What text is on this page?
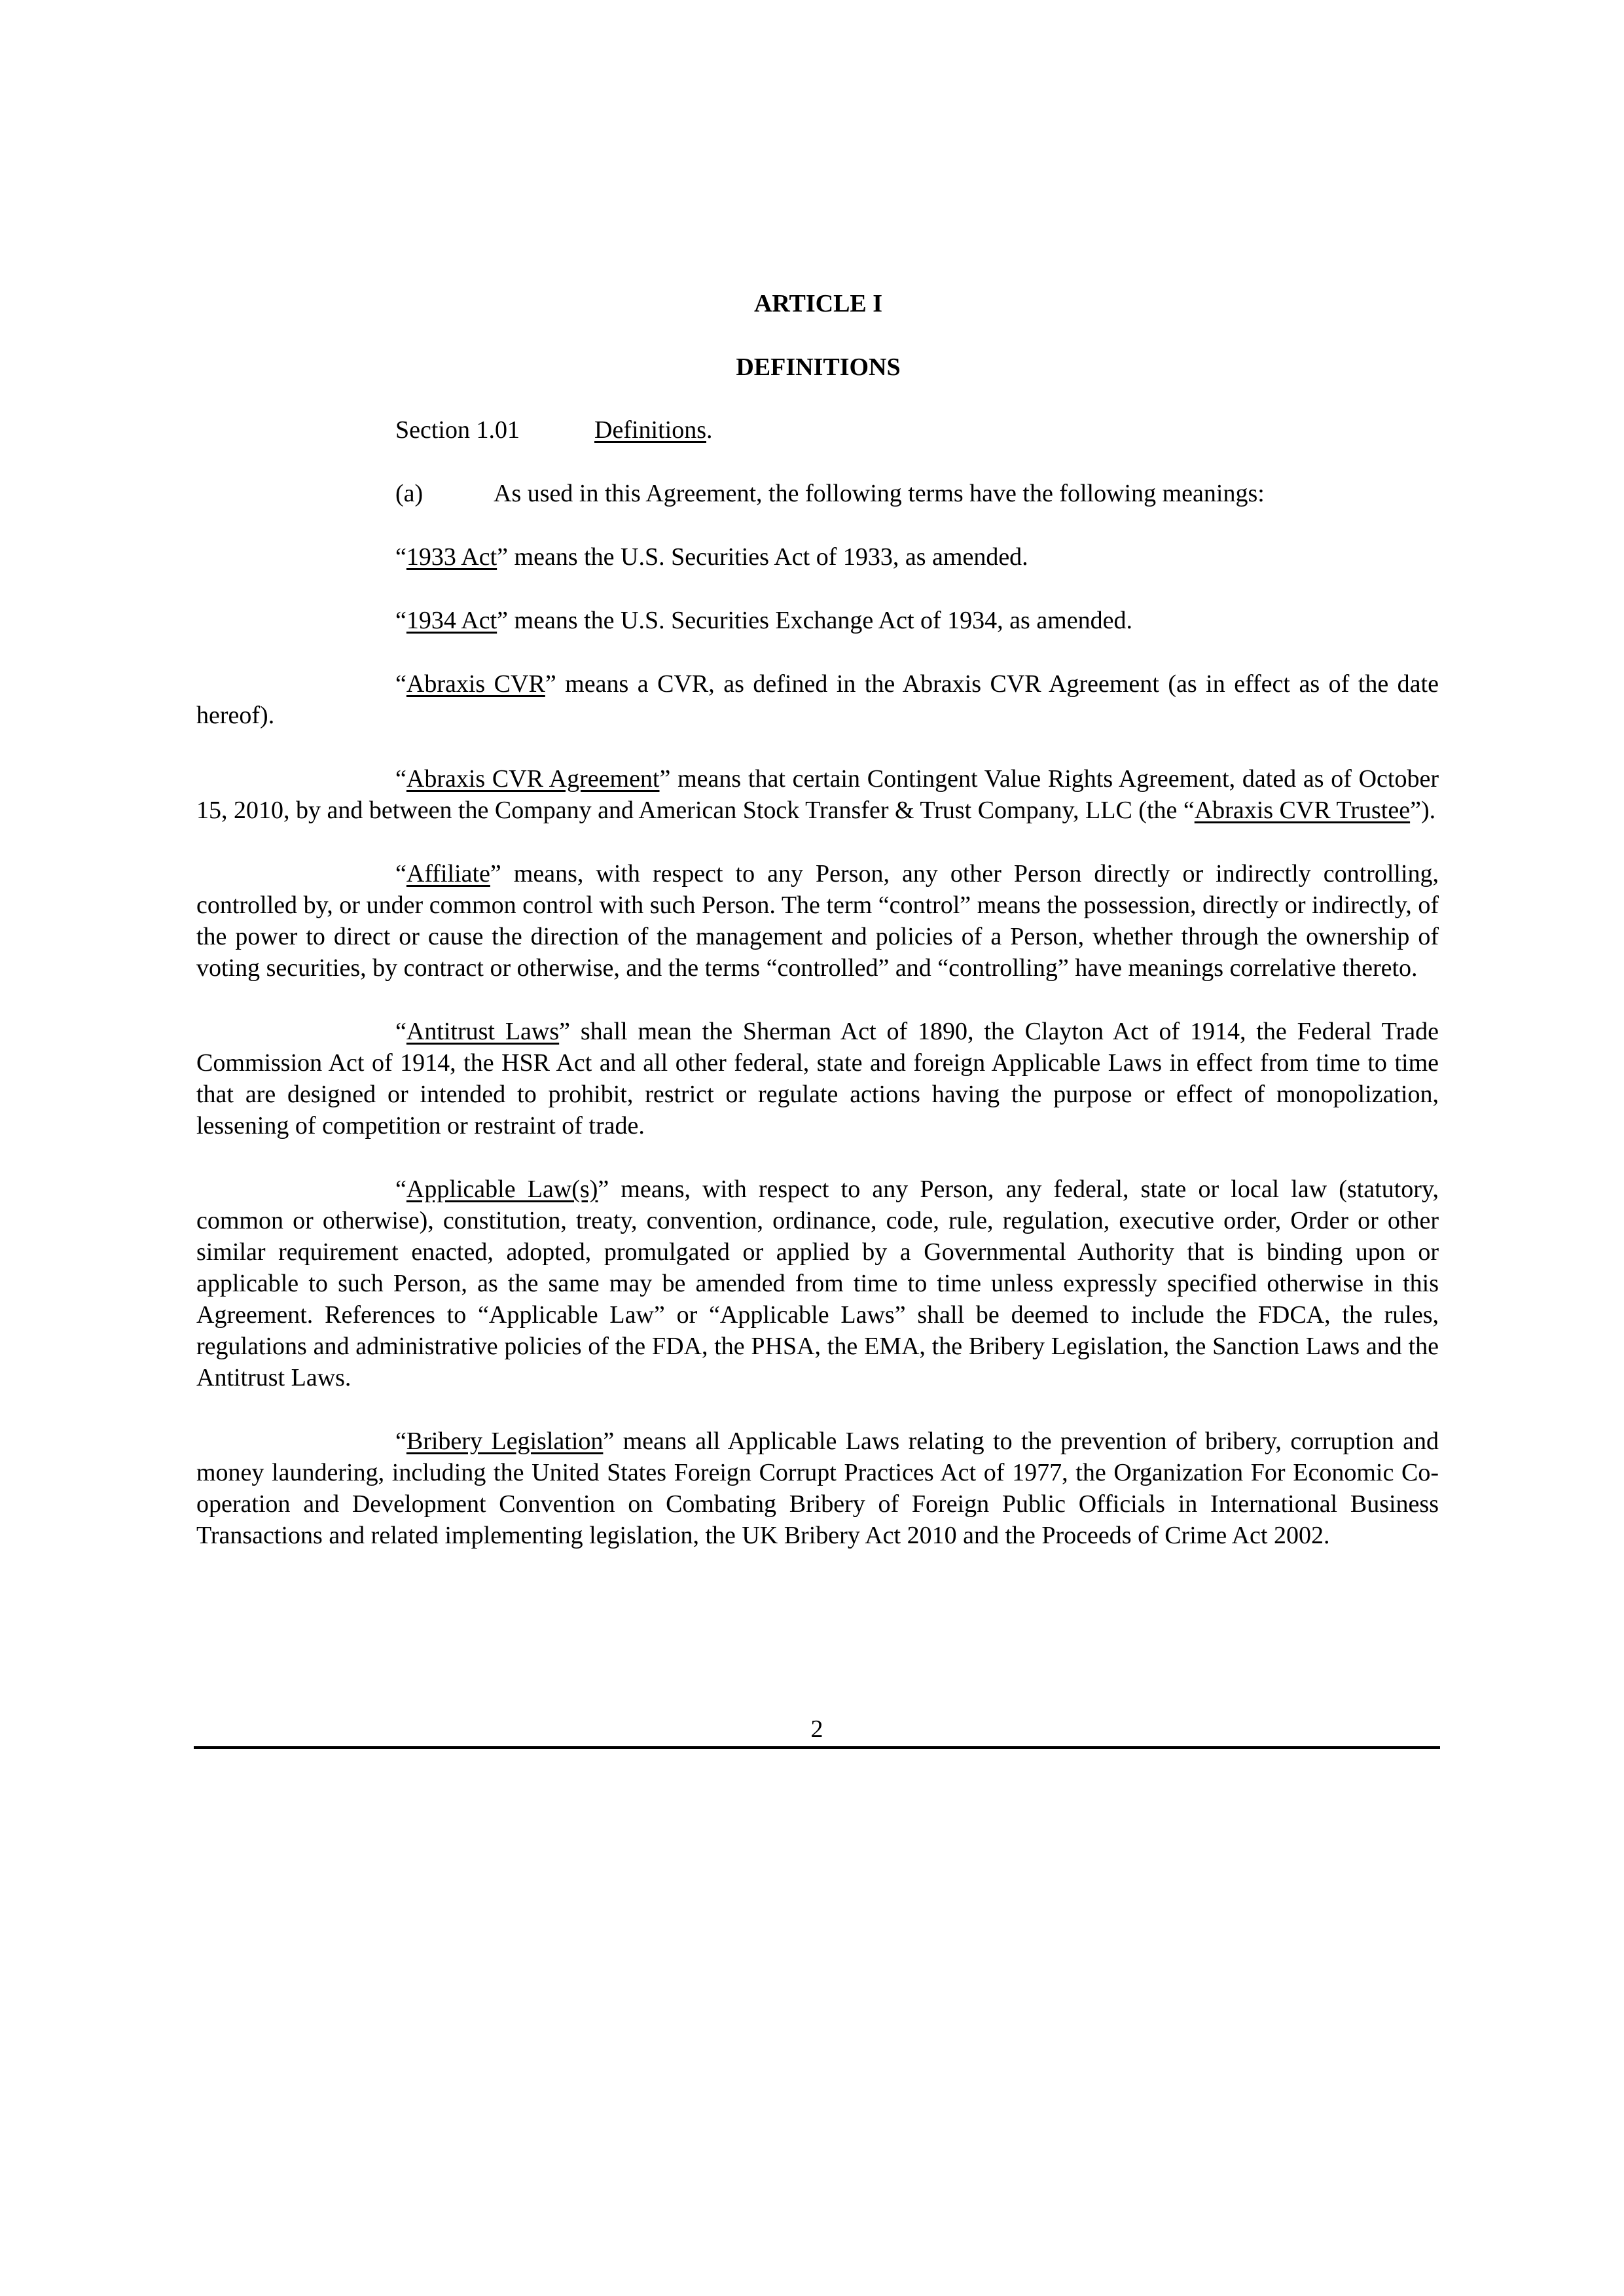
ARTICLE I

DEFINITIONS

Section 1.01	Definitions.

(a)	As used in this Agreement, the following terms have the following meanings:

“1933 Act” means the U.S. Securities Act of 1933, as amended.

“1934 Act” means the U.S. Securities Exchange Act of 1934, as amended.

“Abraxis CVR” means a CVR, as defined in the Abraxis CVR Agreement (as in effect as of the date hereof).

“Abraxis CVR Agreement” means that certain Contingent Value Rights Agreement, dated as of October 15, 2010, by and between the Company and American Stock Transfer & Trust Company, LLC (the “Abraxis CVR Trustee”).

“Affiliate” means, with respect to any Person, any other Person directly or indirectly controlling, controlled by, or under common control with such Person. The term “control” means the possession, directly or indirectly, of the power to direct or cause the direction of the management and policies of a Person, whether through the ownership of voting securities, by contract or otherwise, and the terms “controlled” and “controlling” have meanings correlative thereto.

“Antitrust Laws” shall mean the Sherman Act of 1890, the Clayton Act of 1914, the Federal Trade Commission Act of 1914, the HSR Act and all other federal, state and foreign Applicable Laws in effect from time to time that are designed or intended to prohibit, restrict or regulate actions having the purpose or effect of monopolization, lessening of competition or restraint of trade.

“Applicable Law(s)” means, with respect to any Person, any federal, state or local law (statutory, common or otherwise), constitution, treaty, convention, ordinance, code, rule, regulation, executive order, Order or other similar requirement enacted, adopted, promulgated or applied by a Governmental Authority that is binding upon or applicable to such Person, as the same may be amended from time to time unless expressly specified otherwise in this Agreement. References to “Applicable Law” or “Applicable Laws” shall be deemed to include the FDCA, the rules, regulations and administrative policies of the FDA, the PHSA, the EMA, the Bribery Legislation, the Sanction Laws and the Antitrust Laws.

“Bribery Legislation” means all Applicable Laws relating to the prevention of bribery, corruption and money laundering, including the United States Foreign Corrupt Practices Act of 1977, the Organization For Economic Co-operation and Development Convention on Combating Bribery of Foreign Public Officials in International Business Transactions and related implementing legislation, the UK Bribery Act 2010 and the Proceeds of Crime Act 2002.

2
